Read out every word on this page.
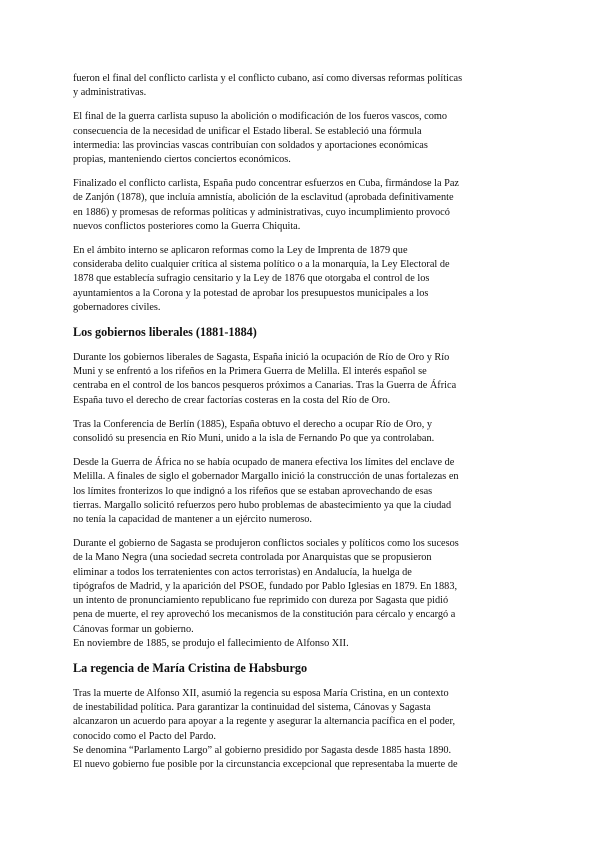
fueron el final del conflicto carlista y el conflicto cubano, así como diversas reformas políticas
y administrativas.

El final de la guerra carlista supuso la abolición o modificación de los fueros vascos, como
consecuencia de la necesidad de unificar el Estado liberal. Se estableció una fórmula
intermedia: las provincias vascas contribuían con soldados y aportaciones económicas
propias, manteniendo ciertos conciertos económicos.

Finalizado el conflicto carlista, España pudo concentrar esfuerzos en Cuba, firmándose la Paz
de Zanjón (1878), que incluía amnistía, abolición de la esclavitud (aprobada definitivamente
en 1886) y promesas de reformas políticas y administrativas, cuyo incumplimiento provocó
nuevos conflictos posteriores como la Guerra Chiquita.

En el ámbito interno se aplicaron reformas como la Ley de Imprenta de 1879 que
consideraba delito cualquier crítica al sistema político o a la monarquía, la Ley Electoral de
1878 que establecía sufragio censitario y la Ley de 1876 que otorgaba el control de los
ayuntamientos a la Corona y la potestad de aprobar los presupuestos municipales a los
gobernadores civiles.

Los gobiernos liberales (1881-1884)

Durante los gobiernos liberales de Sagasta, España inició la ocupación de Río de Oro y Río
Muni y se enfrentó a los rifeños en la Primera Guerra de Melilla. El interés español se
centraba en el control de los bancos pesqueros próximos a Canarias. Tras la Guerra de África
España tuvo el derecho de crear factorías costeras en la costa del Río de Oro.

Tras la Conferencia de Berlín (1885), España obtuvo el derecho a ocupar Río de Oro, y
consolidó su presencia en Río Muni, unido a la isla de Fernando Po que ya controlaban.

Desde la Guerra de África no se había ocupado de manera efectiva los límites del enclave de
Melilla. A finales de siglo el gobernador Margallo inició la construcción de unas fortalezas en
los límites fronterizos lo que indignó a los rifeños que se estaban aprovechando de esas
tierras. Margallo solicitó refuerzos pero hubo problemas de abastecimiento ya que la ciudad
no tenía la capacidad de mantener a un ejército numeroso.

Durante el gobierno de Sagasta se produjeron conflictos sociales y políticos como los sucesos
de la Mano Negra (una sociedad secreta controlada por Anarquistas que se propusieron
eliminar a todos los terratenientes con actos terroristas) en Andalucía, la huelga de
tipógrafos de Madrid, y la aparición del PSOE, fundado por Pablo Iglesias en 1879. En 1883,
un intento de pronunciamiento republicano fue reprimido con dureza por Sagasta que pidió
pena de muerte, el rey aprovechó los mecanismos de la constitución para cércalo y encargó a
Cánovas formar un gobierno.
En noviembre de 1885, se produjo el fallecimiento de Alfonso XII.

La regencia de María Cristina de Habsburgo

Tras la muerte de Alfonso XII, asumió la regencia su esposa María Cristina, en un contexto
de inestabilidad política. Para garantizar la continuidad del sistema, Cánovas y Sagasta
alcanzaron un acuerdo para apoyar a la regente y asegurar la alternancia pacífica en el poder,
conocido como el Pacto del Pardo.
Se denomina “Parlamento Largo” al gobierno presidido por Sagasta desde 1885 hasta 1890.
El nuevo gobierno fue posible por la circunstancia excepcional que representaba la muerte de
